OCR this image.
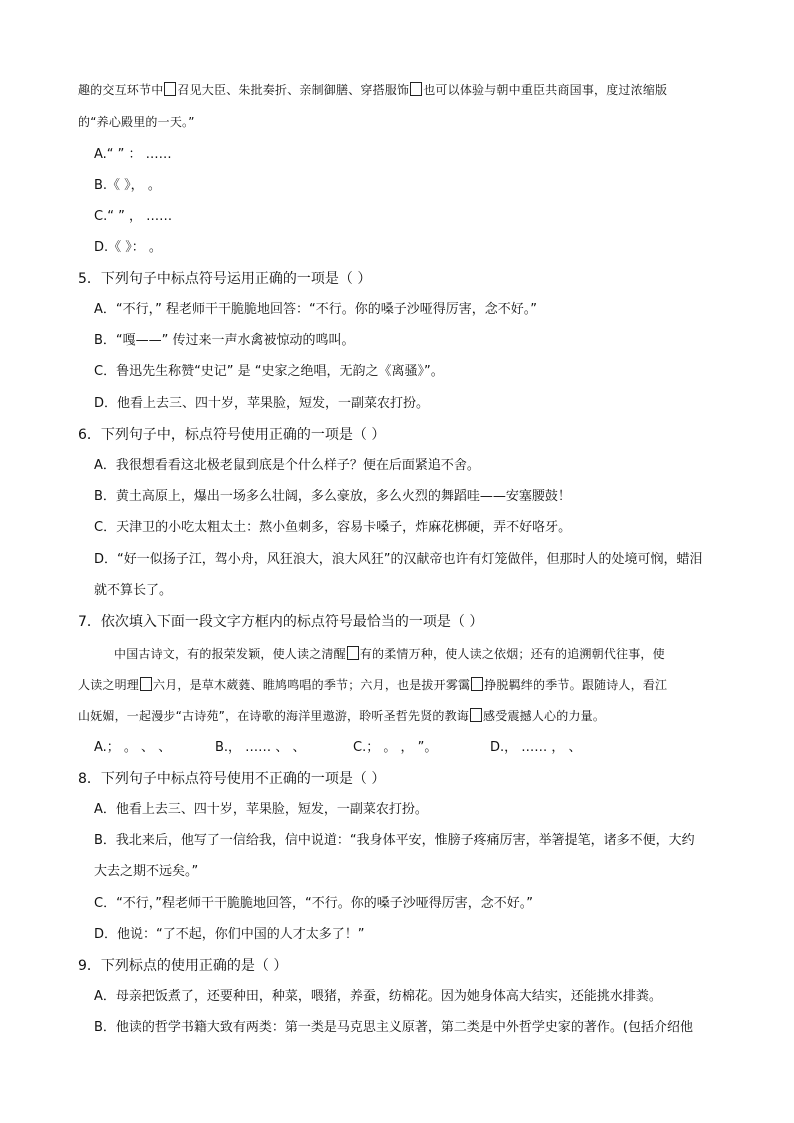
趣的交互环节中 召见大臣、朱批奏折、亲制御膳、穿搭服饰 也可以体验与朝中重臣共商国事，度过浓缩版
的“养心殿里的一天。”
A.“ ” ： ……
B.《 》， 。
C.“ ” ， ……
D.《 》： 。
5．下列句子中标点符号运用正确的一项是（ ）
A．“不行，” 程老师干干脆脆地回答：“不行。你的嗓子沙哑得厉害，念不好。”
B．“嘎——” 传过来一声水禽被惊动的鸣叫。
C．鲁迅先生称赞“史记” 是 “史家之绝唱，无韵之《离骚》”。
D．他看上去三、四十岁，苹果脸，短发，一副菜农打扮。
6．下列句子中，标点符号使用正确的一项是（ ）
A．我很想看看这北极老鼠到底是个什么样子？便在后面紧追不舍。
B．黄土高原上，爆出一场多么壮阔，多么豪放，多么火烈的舞蹈哇——安塞腰鼓！
C．天津卫的小吃太粗太土：熬小鱼刺多，容易卡嗓子，炸麻花梆硬，弄不好咯牙。
D．“好一似扬子江，驾小舟，风狂浪大，浪大风狂”的汉献帝也许有灯笼做伴，但那时人的处境可悯，蜡泪
就不算长了。
7．依次填入下面一段文字方框内的标点符号最恰当的一项是（ ）
中国古诗文，有的报荣发颖，使人读之清醒 有的柔情万种，使人读之依烟；还有的追溯朝代往事，使
人读之明理 六月，是草木葳蕤、睢鸠鸣唱的季节；六月，也是拔开雾霭 挣脱羁绊的季节。跟随诗人，看江
山妩媚，一起漫步“古诗苑”，在诗歌的海洋里遨游，聆听圣哲先贤的教诲 感受震撼人心的力量。
A.； 。 、 、	B.， …… 、 、	C.； 。 ， ”。	D.， …… ， 、
8．下列句子中标点符号使用不正确的一项是（ ）
A．他看上去三、四十岁，苹果脸，短发，一副菜农打扮。
B．我北来后，他写了一信给我，信中说道：“我身体平安，惟膀子疼痛厉害，举箸提笔，诸多不便，大约
大去之期不远矣。”
C．“不行，”程老师干干脆脆地回答，“不行。你的嗓子沙哑得厉害，念不好。”
D．他说：“了不起，你们中国的人才太多了！”
9．下列标点的使用正确的是（ ）
A．母亲把饭煮了，还要种田，种菜，喂猪，养蚕，纺棉花。因为她身体高大结实，还能挑水排粪。
B．他读的哲学书籍大致有两类：第一类是马克思主义原著，第二类是中外哲学史家的著作。(包括介绍他
